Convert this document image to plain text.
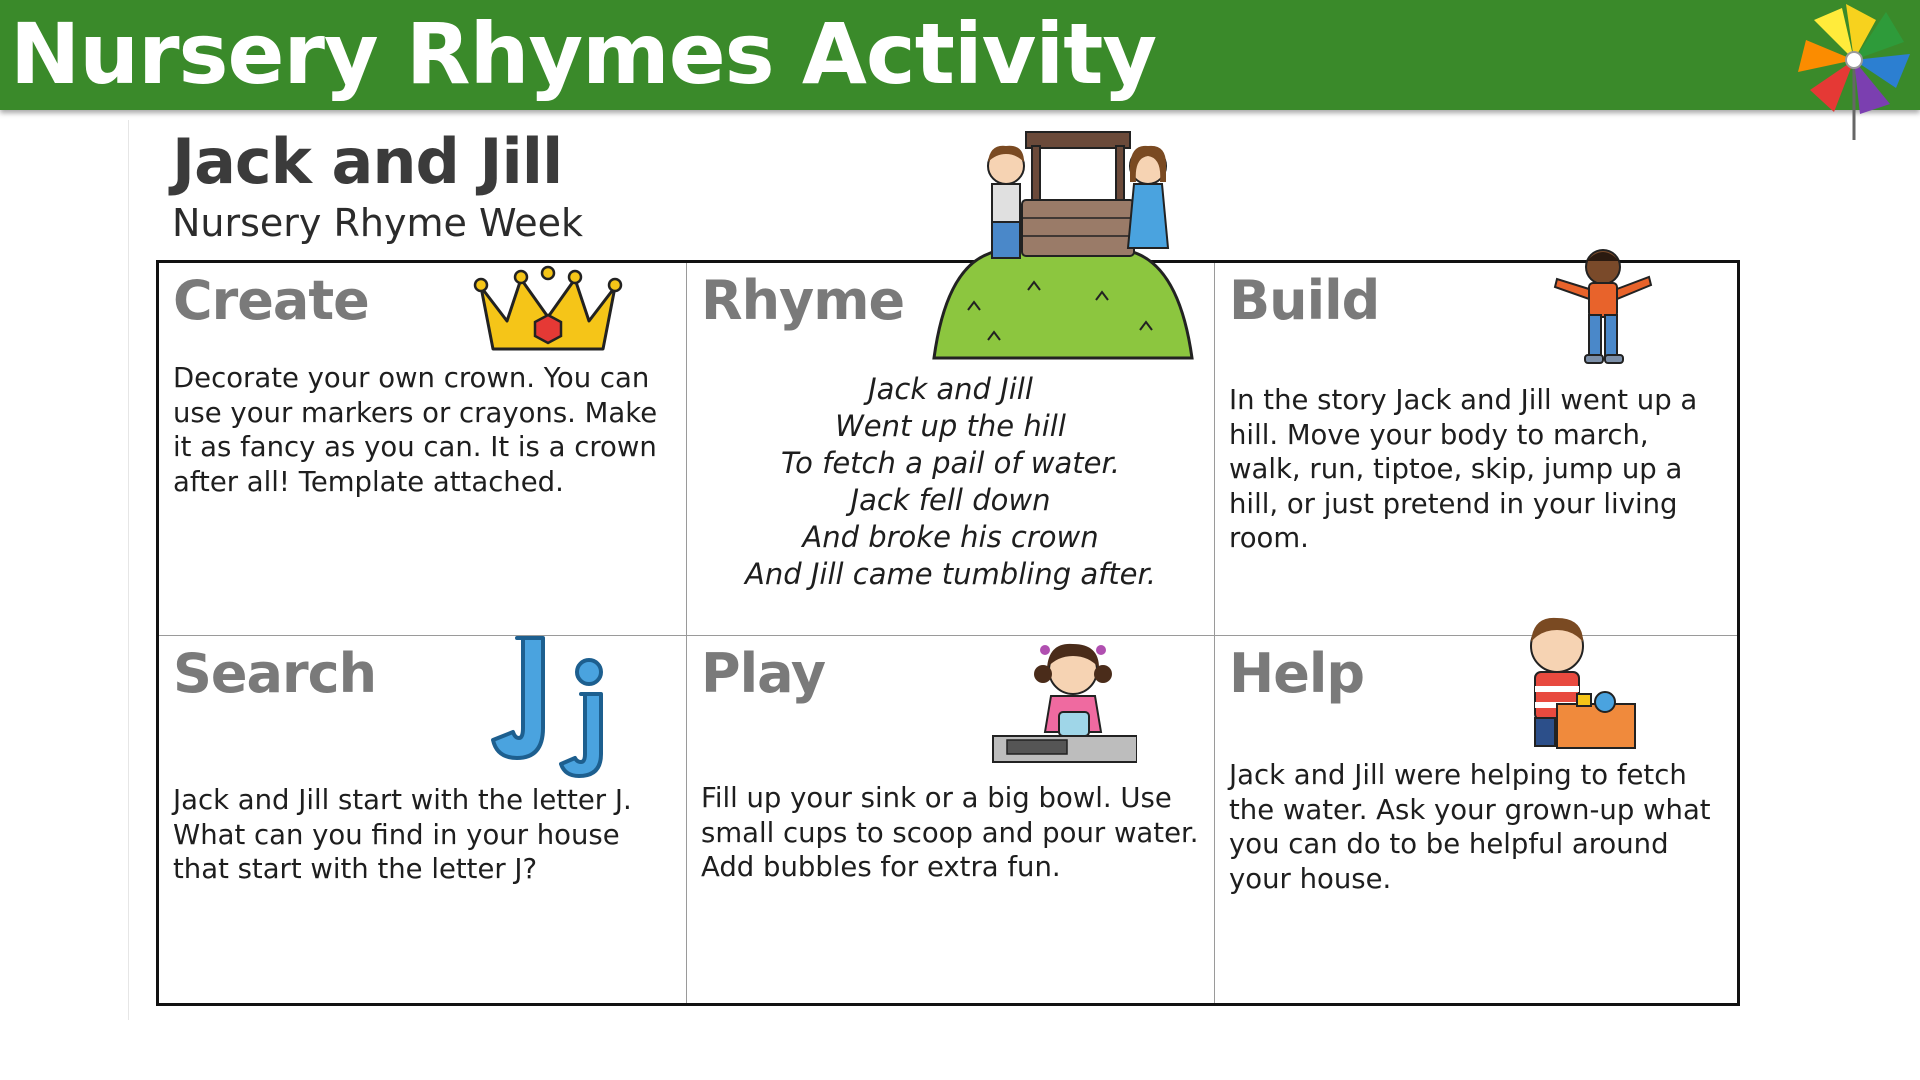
Nursery Rhymes Activity
Jack and Jill
Nursery Rhyme Week
Create
Decorate your own crown. You can use your markers or crayons. Make it as fancy as you can. It is a crown after all! Template attached.
Rhyme
Jack and Jill
Went up the hill
To fetch a pail of water.
Jack fell down
And broke his crown
And Jill came tumbling after.
Build
In the story Jack and Jill went up a hill. Move your body to march, walk, run, tiptoe, skip, jump up a hill, or just pretend in your living room.
Search
Jack and Jill start with the letter J. What can you find in your house that start with the letter J?
Play
Fill up your sink or a big bowl. Use small cups to scoop and pour water. Add bubbles for extra fun.
Help
Jack and Jill were helping to fetch the water. Ask your grown-up what you can do to be helpful around your house.
